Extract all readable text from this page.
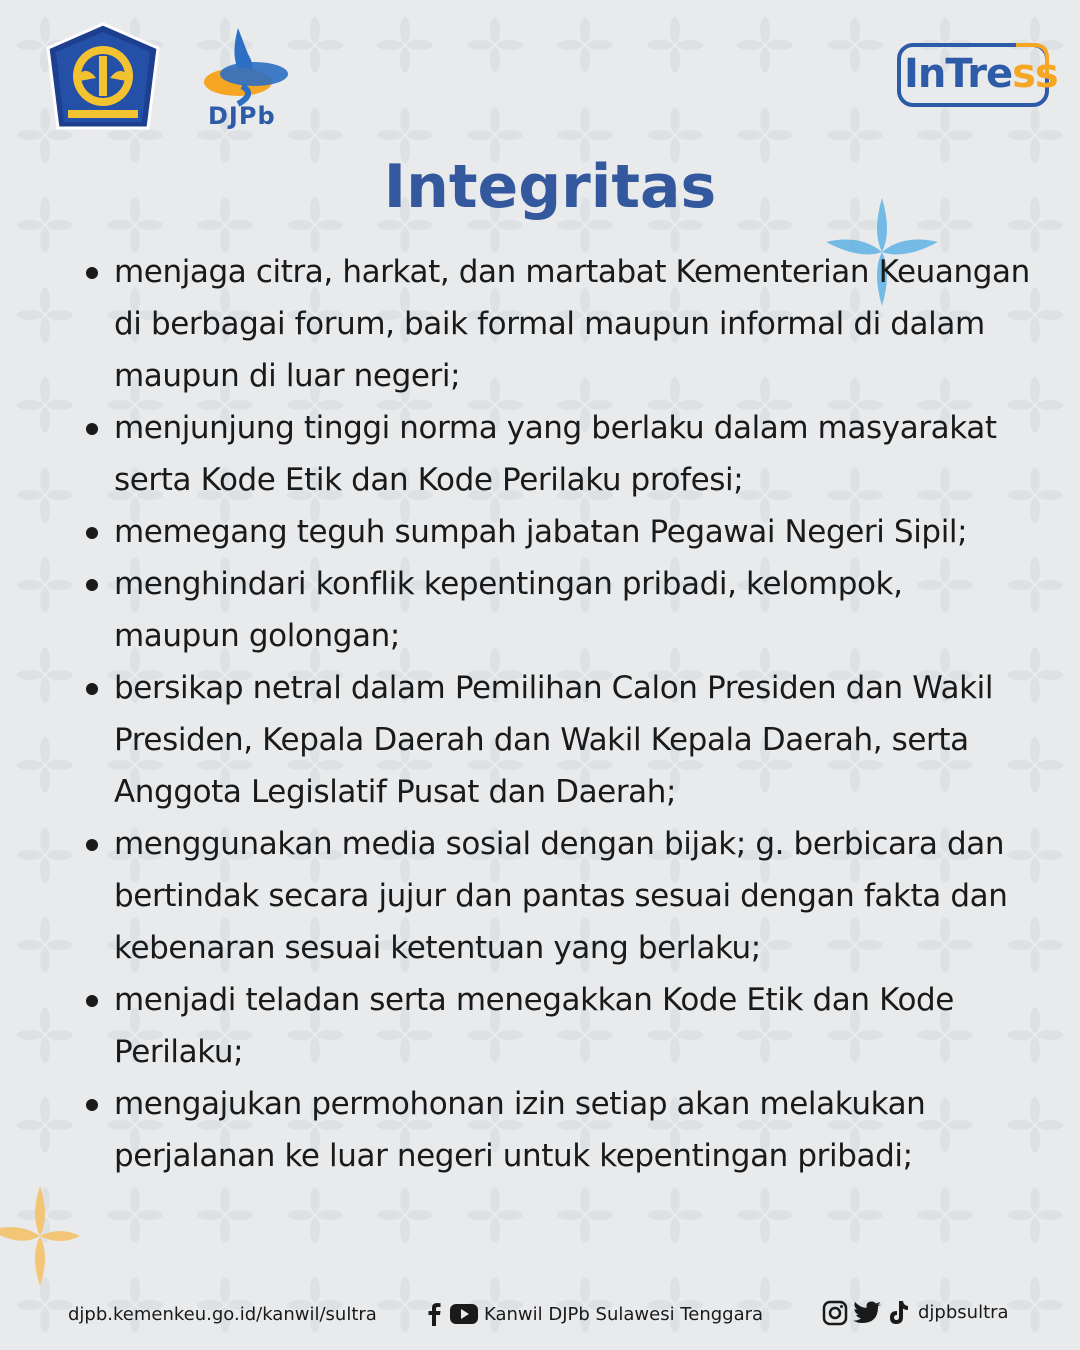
DJPb
InTress
Integritas
menjaga citra, harkat, dan martabat Kementerian Keuangan di berbagai forum, baik formal maupun informal di dalam maupun di luar negeri;
menjunjung tinggi norma yang berlaku dalam masyarakat serta Kode Etik dan Kode Perilaku profesi;
memegang teguh sumpah jabatan Pegawai Negeri Sipil;
menghindari konflik kepentingan pribadi, kelompok, maupun golongan;
bersikap netral dalam Pemilihan Calon Presiden dan Wakil Presiden, Kepala Daerah dan Wakil Kepala Daerah, serta Anggota Legislatif Pusat dan Daerah;
menggunakan media sosial dengan bijak; g. berbicara dan bertindak secara jujur dan pantas sesuai dengan fakta dan kebenaran sesuai ketentuan yang berlaku;
menjadi teladan serta menegakkan Kode Etik dan Kode Perilaku;
mengajukan permohonan izin setiap akan melakukan perjalanan ke luar negeri untuk kepentingan pribadi;
djpb.kemenkeu.go.id/kanwil/sultra	Kanwil DJPb Sulawesi Tenggara	djpbsultra
